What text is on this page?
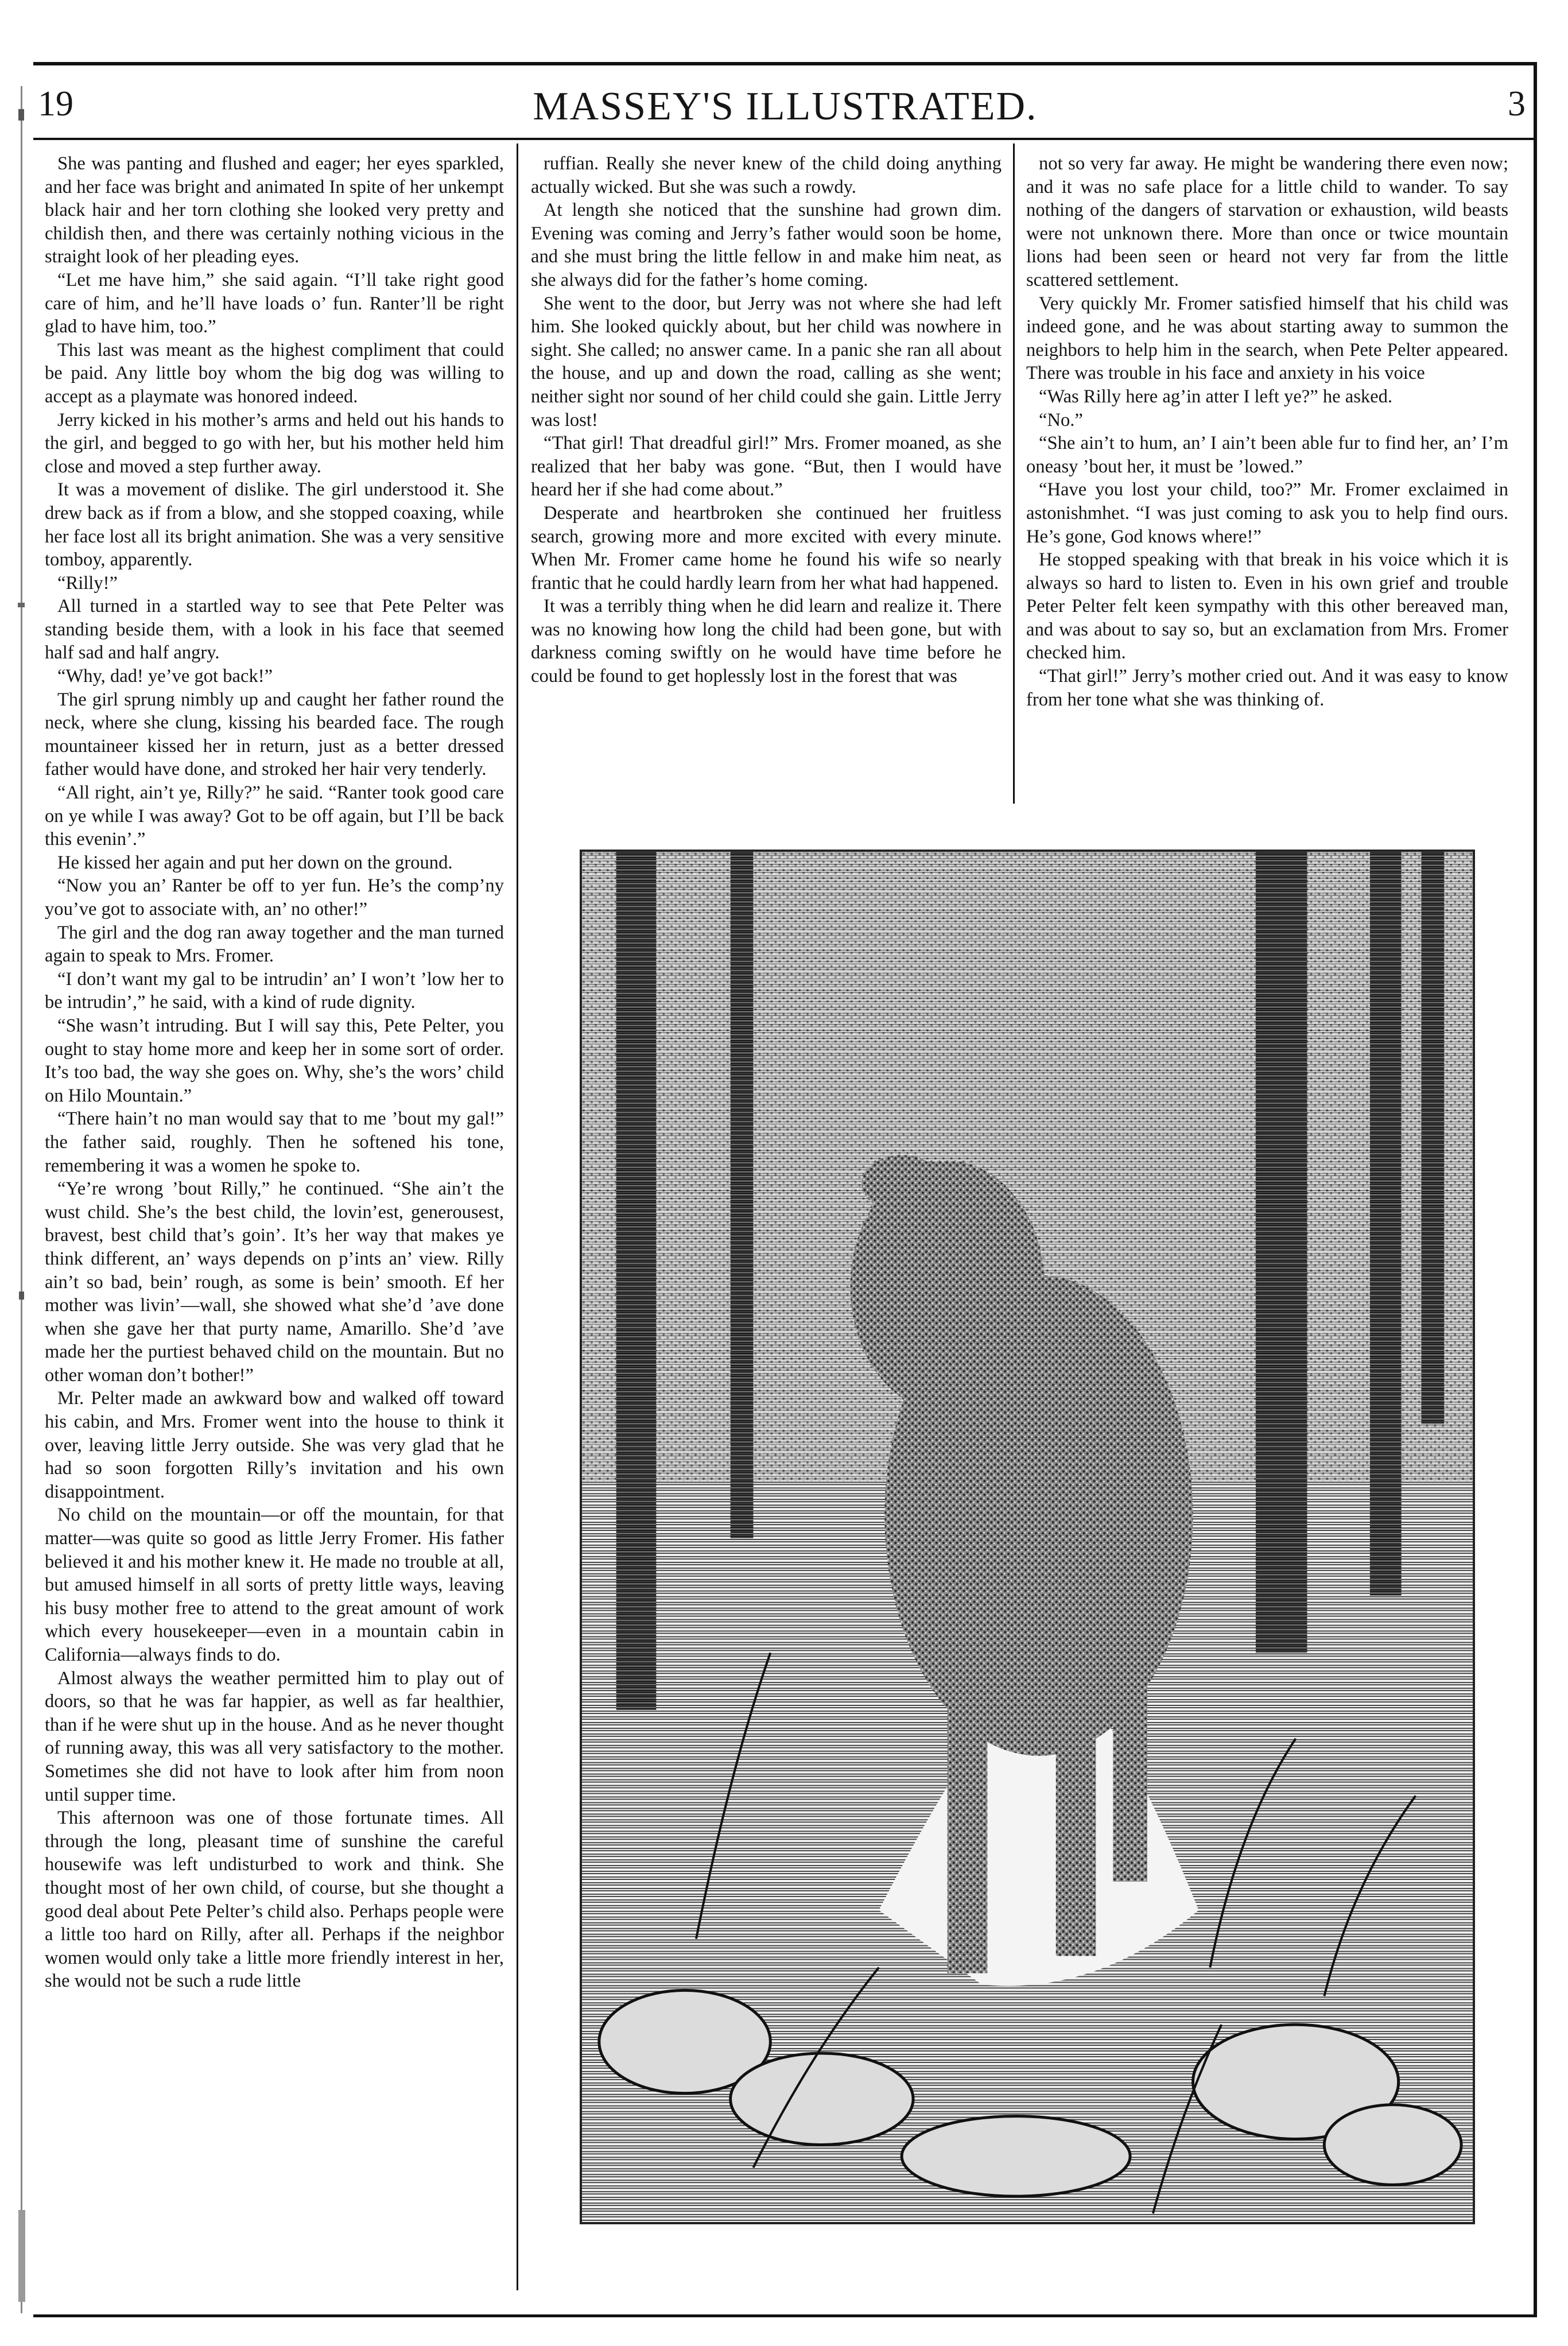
19	MASSEY'S ILLUSTRATED.	3

She was panting and flushed and eager; her eyes sparkled, and her face was bright and animated In spite of her unkempt black hair and her torn clothing she looked very pretty and childish then, and there was certainly nothing vicious in the straight look of her pleading eyes.

“Let me have him,” she said again. “I’ll take right good care of him, and he’ll have loads o’ fun. Ranter’ll be right glad to have him, too.”

This last was meant as the highest compliment that could be paid. Any little boy whom the big dog was willing to accept as a playmate was honored indeed.

Jerry kicked in his mother’s arms and held out his hands to the girl, and begged to go with her, but his mother held him close and moved a step further away.

It was a movement of dislike. The girl understood it. She drew back as if from a blow, and she stopped coaxing, while her face lost all its bright animation. She was a very sensitive tomboy, apparently.

“Rilly!”

All turned in a startled way to see that Pete Pelter was standing beside them, with a look in his face that seemed half sad and half angry.

“Why, dad! ye’ve got back!”

The girl sprung nimbly up and caught her father round the neck, where she clung, kissing his bearded face. The rough mountaineer kissed her in return, just as a better dressed father would have done, and stroked her hair very tenderly.

“All right, ain’t ye, Rilly?” he said. “Ranter took good care on ye while I was away? Got to be off again, but I’ll be back this evenin’.”

He kissed her again and put her down on the ground.

“Now you an’ Ranter be off to yer fun. He’s the comp’ny you’ve got to associate with, an’ no other!”

The girl and the dog ran away together and the man turned again to speak to Mrs. Fromer.

“I don’t want my gal to be intrudin’ an’ I won’t ’low her to be intrudin’,” he said, with a kind of rude dignity.

“She wasn’t intruding. But I will say this, Pete Pelter, you ought to stay home more and keep her in some sort of order. It’s too bad, the way she goes on. Why, she’s the wors’ child on Hilo Mountain.”

“There hain’t no man would say that to me ’bout my gal!” the father said, roughly. Then he softened his tone, remembering it was a women he spoke to.

“Ye’re wrong ’bout Rilly,” he continued. “She ain’t the wust child. She’s the best child, the lovin’est, generousest, bravest, best child that’s goin’. It’s her way that makes ye think different, an’ ways depends on p’ints an’ view. Rilly ain’t so bad, bein’ rough, as some is bein’ smooth. Ef her mother was livin’—wall, she showed what she’d ’ave done when she gave her that purty name, Amarillo. She’d ’ave made her the purtiest behaved child on the mountain. But no other woman don’t bother!”

Mr. Pelter made an awkward bow and walked off toward his cabin, and Mrs. Fromer went into the house to think it over, leaving little Jerry outside. She was very glad that he had so soon forgotten Rilly’s invitation and his own disappointment.

No child on the mountain—or off the mountain, for that matter—was quite so good as little Jerry Fromer. His father believed it and his mother knew it. He made no trouble at all, but amused himself in all sorts of pretty little ways, leaving his busy mother free to attend to the great amount of work which every housekeeper—even in a mountain cabin in California—always finds to do.

Almost always the weather permitted him to play out of doors, so that he was far happier, as well as far healthier, than if he were shut up in the house. And as he never thought of running away, this was all very satisfactory to the mother. Sometimes she did not have to look after him from noon until supper time.

This afternoon was one of those fortunate times. All through the long, pleasant time of sunshine the careful housewife was left undisturbed to work and think. She thought most of her own child, of course, but she thought a good deal about Pete Pelter’s child also. Perhaps people were a little too hard on Rilly, after all. Perhaps if the neighbor women would only take a little more friendly interest in her, she would not be such a rude little

ruffian. Really she never knew of the child doing anything actually wicked. But she was such a rowdy.

At length she noticed that the sunshine had grown dim. Evening was coming and Jerry’s father would soon be home, and she must bring the little fellow in and make him neat, as she always did for the father’s home coming.

She went to the door, but Jerry was not where she had left him. She looked quickly about, but her child was nowhere in sight. She called; no answer came. In a panic she ran all about the house, and up and down the road, calling as she went; neither sight nor sound of her child could she gain. Little Jerry was lost!

“That girl! That dreadful girl!” Mrs. Fromer moaned, as she realized that her baby was gone. “But, then I would have heard her if she had come about.”

Desperate and heartbroken she continued her fruitless search, growing more and more excited with every minute. When Mr. Fromer came home he found his wife so nearly frantic that he could hardly learn from her what had happened.

It was a terribly thing when he did learn and realize it. There was no knowing how long the child had been gone, but with darkness coming swiftly on he would have time before he could be found to get hoplessly lost in the forest that was

not so very far away. He might be wandering there even now; and it was no safe place for a little child to wander. To say nothing of the dangers of starvation or exhaustion, wild beasts were not unknown there. More than once or twice mountain lions had been seen or heard not very far from the little scattered settlement.

Very quickly Mr. Fromer satisfied himself that his child was indeed gone, and he was about starting away to summon the neighbors to help him in the search, when Pete Pelter appeared. There was trouble in his face and anxiety in his voice

“Was Rilly here ag’in atter I left ye?” he asked.

“No.”

“She ain’t to hum, an’ I ain’t been able fur to find her, an’ I’m oneasy ’bout her, it must be ’lowed.”

“Have you lost your child, too?” Mr. Fromer exclaimed in astonishmhet. “I was just coming to ask you to help find ours. He’s gone, God knows where!”

He stopped speaking with that break in his voice which it is always so hard to listen to. Even in his own grief and trouble Peter Pelter felt keen sympathy with this other bereaved man, and was about to say so, but an exclamation from Mrs. Fromer checked him.

“That girl!” Jerry’s mother cried out. And it was easy to know from her tone what she was thinking of.
